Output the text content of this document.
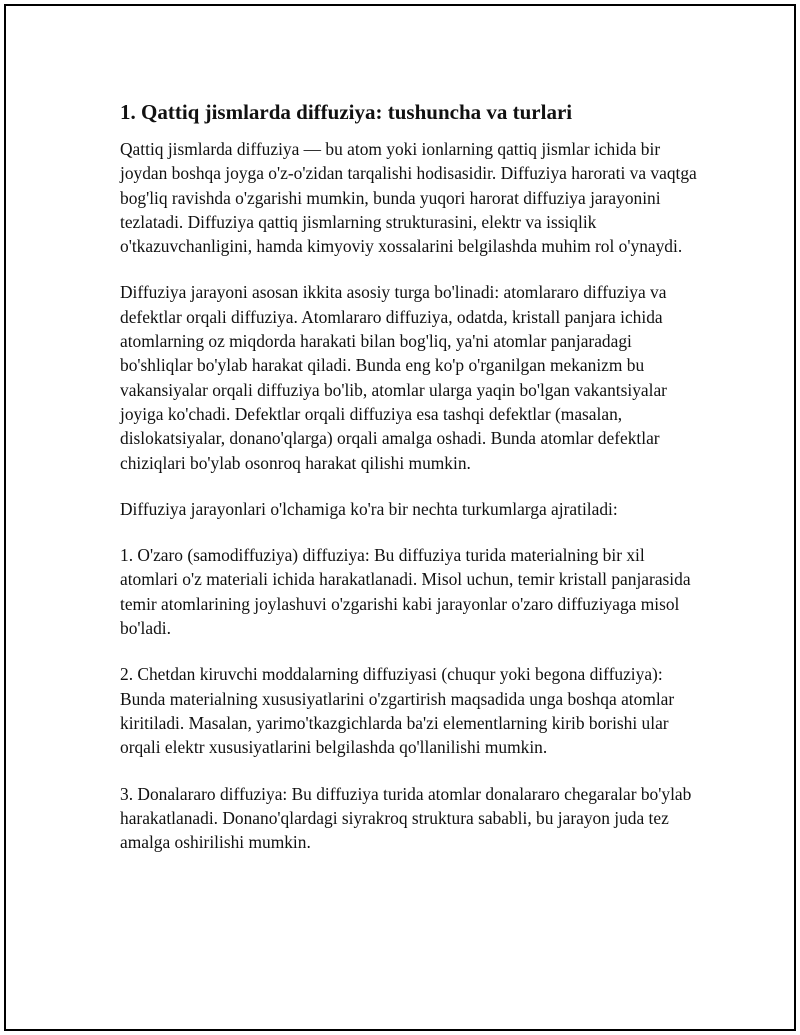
1. Qattiq jismlarda diffuziya: tushuncha va turlari

Qattiq jismlarda diffuziya — bu atom yoki ionlarning qattiq jismlar ichida bir joydan boshqa joyga o'z-o'zidan tarqalishi hodisasidir. Diffuziya harorati va vaqtga bog'liq ravishda o'zgarishi mumkin, bunda yuqori harorat diffuziya jarayonini tezlatadi. Diffuziya qattiq jismlarning strukturasini, elektr va issiqlik o'tkazuvchanligini, hamda kimyoviy xossalarini belgilashda muhim rol o'ynaydi.

Diffuziya jarayoni asosan ikkita asosiy turga bo'linadi: atomlararo diffuziya va defektlar orqali diffuziya. Atomlararo diffuziya, odatda, kristall panjara ichida atomlarning oz miqdorda harakati bilan bog'liq, ya'ni atomlar panjaradagi bo'shliqlar bo'ylab harakat qiladi. Bunda eng ko'p o'rganilgan mekanizm bu vakansiyalar orqali diffuziya bo'lib, atomlar ularga yaqin bo'lgan vakantsiyalar joyiga ko'chadi. Defektlar orqali diffuziya esa tashqi defektlar (masalan, dislokatsiyalar, donano'qlarga) orqali amalga oshadi. Bunda atomlar defektlar chiziqlari bo'ylab osonroq harakat qilishi mumkin.

Diffuziya jarayonlari o'lchamiga ko'ra bir nechta turkumlarga ajratiladi:

1. O'zaro (samodiffuziya) diffuziya: Bu diffuziya turida materialning bir xil atomlari o'z materiali ichida harakatlanadi. Misol uchun, temir kristall panjarasida temir atomlarining joylashuvi o'zgarishi kabi jarayonlar o'zaro diffuziyaga misol bo'ladi.

2. Chetdan kiruvchi moddalarning diffuziyasi (chuqur yoki begona diffuziya): Bunda materialning xususiyatlarini o'zgartirish maqsadida unga boshqa atomlar kiritiladi. Masalan, yarimo'tkazgichlarda ba'zi elementlarning kirib borishi ular orqali elektr xususiyatlarini belgilashda qo'llanilishi mumkin.

3. Donalararo diffuziya: Bu diffuziya turida atomlar donalararo chegaralar bo'ylab harakatlanadi. Donano'qlardagi siyrakroq struktura sababli, bu jarayon juda tez amalga oshirilishi mumkin.
